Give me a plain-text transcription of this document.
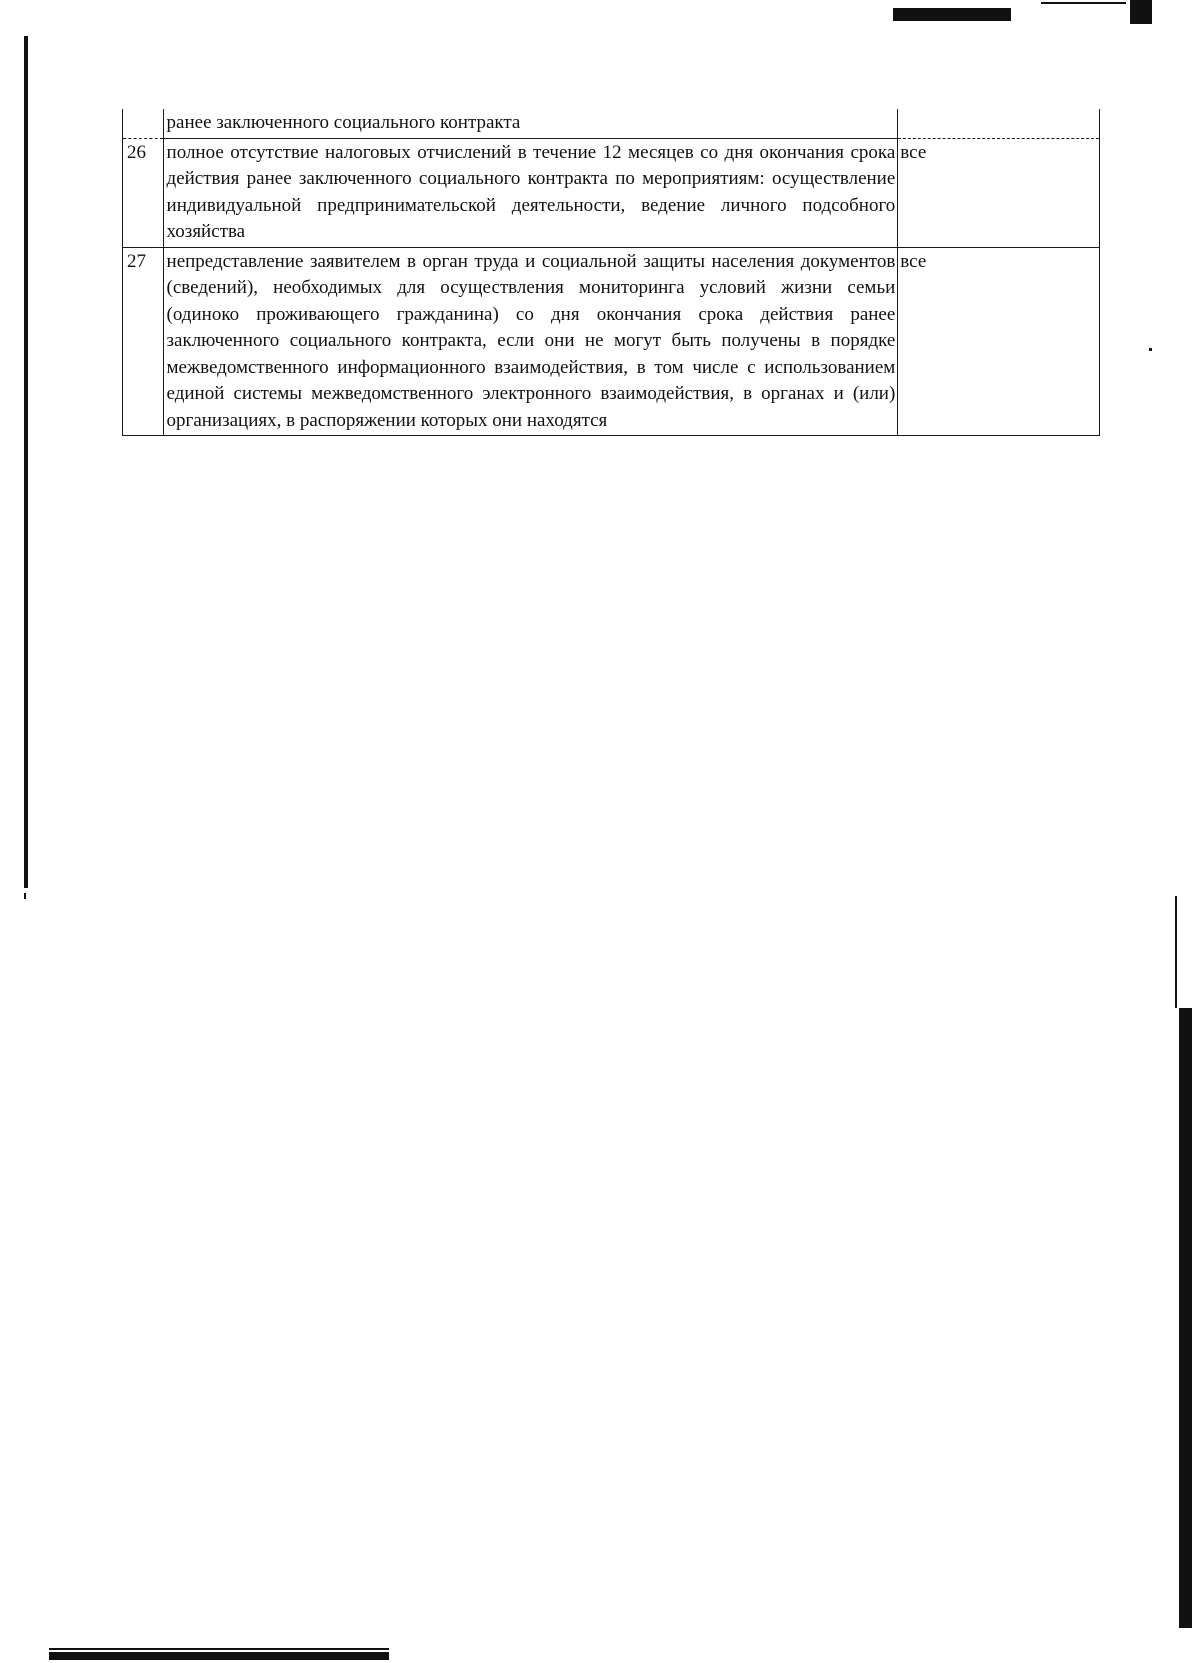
	ранее заключенного социального контракта	
26	полное отсутствие налоговых отчислений в течение 12 месяцев со дня окончания срока действия ранее заключенного социального контракта по мероприятиям: осуществление индивидуальной предпринимательской деятельности, ведение личного подсобного хозяйства	все
27	непредставление заявителем в орган труда и социальной защиты населения документов (сведений), необходимых для осуществления мониторинга условий жизни семьи (одиноко проживающего гражданина) со дня окончания срока действия ранее заключенного социального контракта, если они не могут быть получены в порядке межведомственного информационного взаимодействия, в том числе с использованием единой системы межведомственного электронного взаимодействия, в органах и (или) организациях, в распоряжении которых они находятся	все
